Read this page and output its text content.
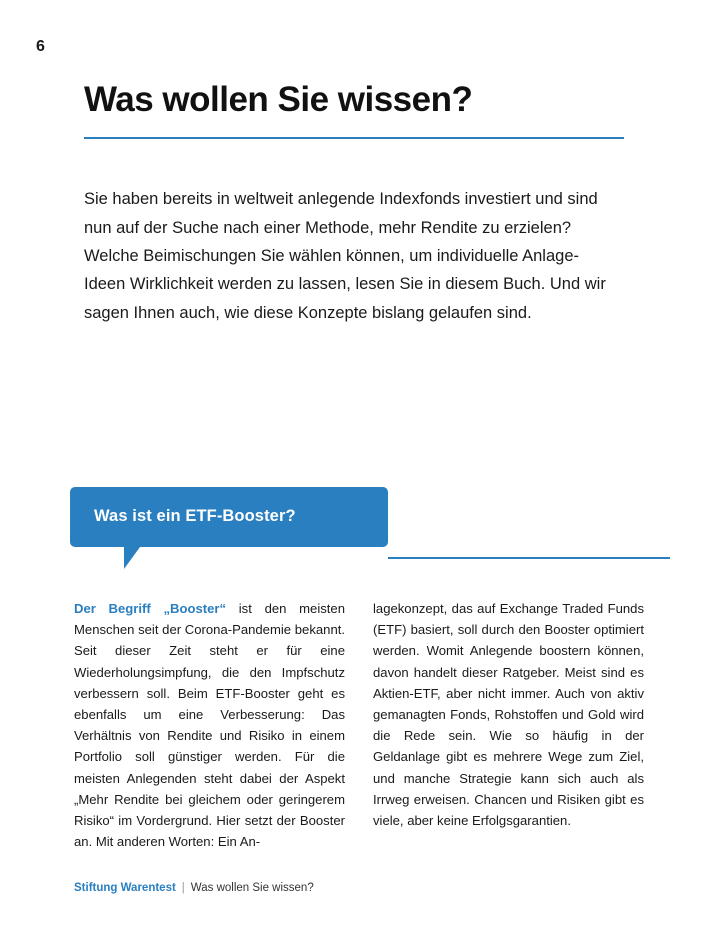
6
Was wollen Sie wissen?

Sie haben bereits in weltweit anlegende Indexfonds investiert und sind nun auf der Suche nach einer Methode, mehr Rendite zu erzielen? Welche Beimischungen Sie wählen können, um individuelle Anlage-Ideen Wirklichkeit werden zu lassen, lesen Sie in diesem Buch. Und wir sagen Ihnen auch, wie diese Konzepte bislang gelaufen sind.

Was ist ein ETF-Booster?

Der Begriff „Booster“ ist den meisten Menschen seit der Corona-Pandemie bekannt. Seit dieser Zeit steht er für eine Wiederholungsimpfung, die den Impfschutz verbessern soll. Beim ETF-Booster geht es ebenfalls um eine Verbesserung: Das Verhältnis von Rendite und Risiko in einem Portfolio soll günstiger werden. Für die meisten Anlegenden steht dabei der Aspekt „Mehr Rendite bei gleichem oder geringerem Risiko“ im Vordergrund. Hier setzt der Booster an. Mit anderen Worten: Ein An-

lagekonzept, das auf Exchange Traded Funds (ETF) basiert, soll durch den Booster optimiert werden. Womit Anlegende boostern können, davon handelt dieser Ratgeber. Meist sind es Aktien-ETF, aber nicht immer. Auch von aktiv gemanagten Fonds, Rohstoffen und Gold wird die Rede sein. Wie so häufig in der Geldanlage gibt es mehrere Wege zum Ziel, und manche Strategie kann sich auch als Irrweg erweisen. Chancen und Risiken gibt es viele, aber keine Erfolgsgarantien.

Stiftung Warentest | Was wollen Sie wissen?
